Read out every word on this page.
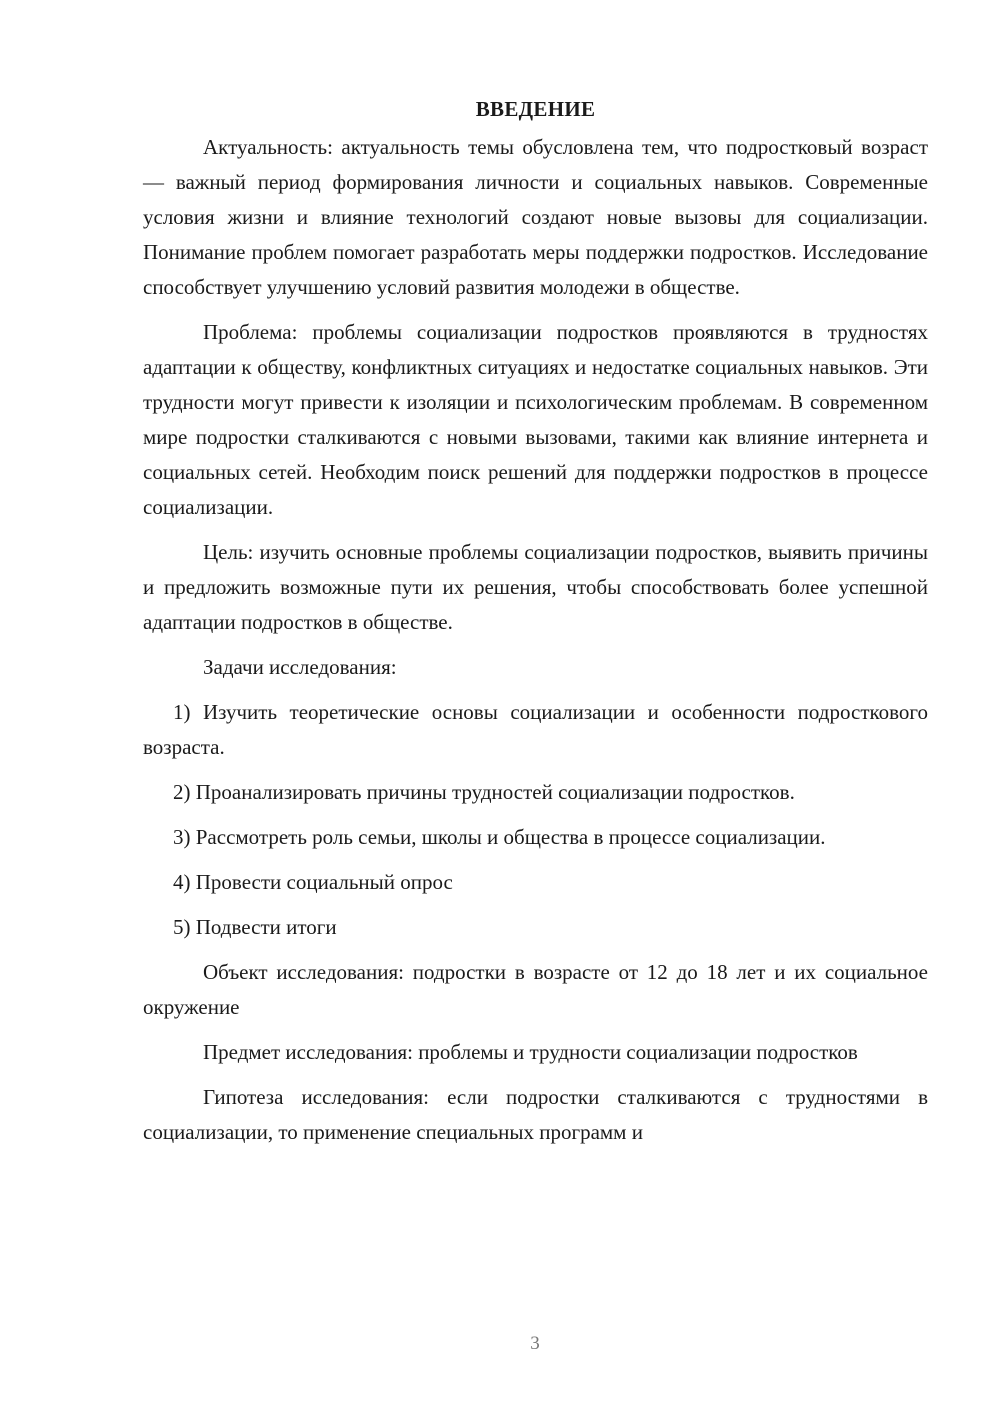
ВВЕДЕНИЕ

Актуальность: актуальность темы обусловлена тем, что подростковый возраст — важный период формирования личности и социальных навыков. Современные условия жизни и влияние технологий создают новые вызовы для социализации. Понимание проблем помогает разработать меры поддержки подростков. Исследование способствует улучшению условий развития молодежи в обществе.

Проблема: проблемы социализации подростков проявляются в трудностях адаптации к обществу, конфликтных ситуациях и недостатке социальных навыков. Эти трудности могут привести к изоляции и психологическим проблемам. В современном мире подростки сталкиваются с новыми вызовами, такими как влияние интернета и социальных сетей. Необходим поиск решений для поддержки подростков в процессе социализации.

Цель: изучить основные проблемы социализации подростков, выявить причины и предложить возможные пути их решения, чтобы способствовать более успешной адаптации подростков в обществе.

Задачи исследования:

1) Изучить теоретические основы социализации и особенности подросткового возраста.

2) Проанализировать причины трудностей социализации подростков.

3) Рассмотреть роль семьи, школы и общества в процессе социализации.

4) Провести социальный опрос

5) Подвести итоги

Объект исследования: подростки в возрасте от 12 до 18 лет и их социальное окружение

Предмет исследования: проблемы и трудности социализации подростков

Гипотеза исследования: если подростки сталкиваются с трудностями в социализации, то применение специальных программ и

3
